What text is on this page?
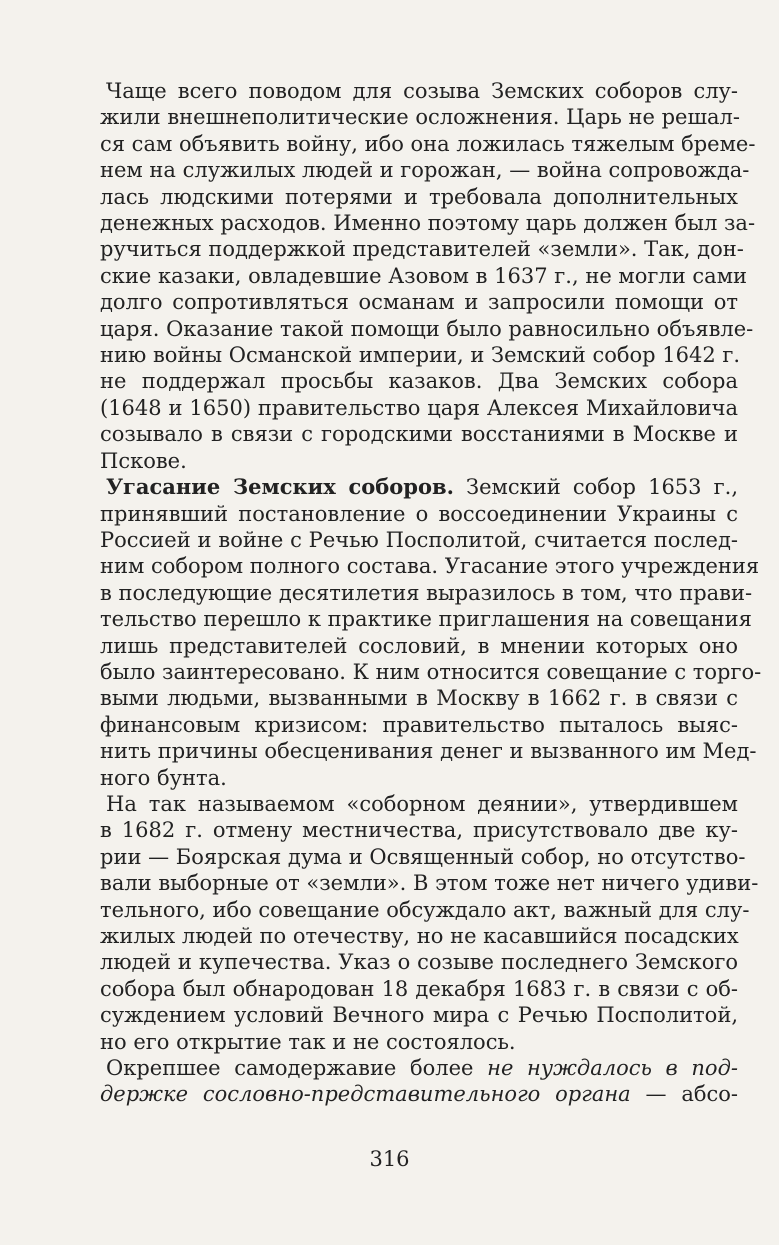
Чаще всего поводом для созыва Земских соборов слу-
жили внешнеполитические осложнения. Царь не решал-
ся сам объявить войну, ибо она ложилась тяжелым бреме-
нем на служилых людей и горожан, — война сопровожда-
лась людскими потерями и требовала дополнительных
денежных расходов. Именно поэтому царь должен был за-
ручиться поддержкой представителей «земли». Так, дон-
ские казаки, овладевшие Азовом в 1637 г., не могли сами
долго сопротивляться османам и запросили помощи от
царя. Оказание такой помощи было равносильно объявле-
нию войны Османской империи, и Земский собор 1642 г.
не поддержал просьбы казаков. Два Земских собора
(1648 и 1650) правительство царя Алексея Михайловича
созывало в связи с городскими восстаниями в Москве и
Пскове.
Угасание Земских соборов. Земский собор 1653 г.,
принявший постановление о воссоединении Украины с
Россией и войне с Речью Посполитой, считается послед-
ним собором полного состава. Угасание этого учреждения
в последующие десятилетия выразилось в том, что прави-
тельство перешло к практике приглашения на совещания
лишь представителей сословий, в мнении которых оно
было заинтересовано. К ним относится совещание с торго-
выми людьми, вызванными в Москву в 1662 г. в связи с
финансовым кризисом: правительство пыталось выяс-
нить причины обесценивания денег и вызванного им Мед-
ного бунта.
На так называемом «соборном деянии», утвердившем
в 1682 г. отмену местничества, присутствовало две ку-
рии — Боярская дума и Освященный собор, но отсутство-
вали выборные от «земли». В этом тоже нет ничего удиви-
тельного, ибо совещание обсуждало акт, важный для слу-
жилых людей по отечеству, но не касавшийся посадских
людей и купечества. Указ о созыве последнего Земского
собора был обнародован 18 декабря 1683 г. в связи с об-
суждением условий Вечного мира с Речью Посполитой,
но его открытие так и не состоялось.
Окрепшее самодержавие более не нуждалось в под-
держке сословно-представительного органа — абсо-
316
